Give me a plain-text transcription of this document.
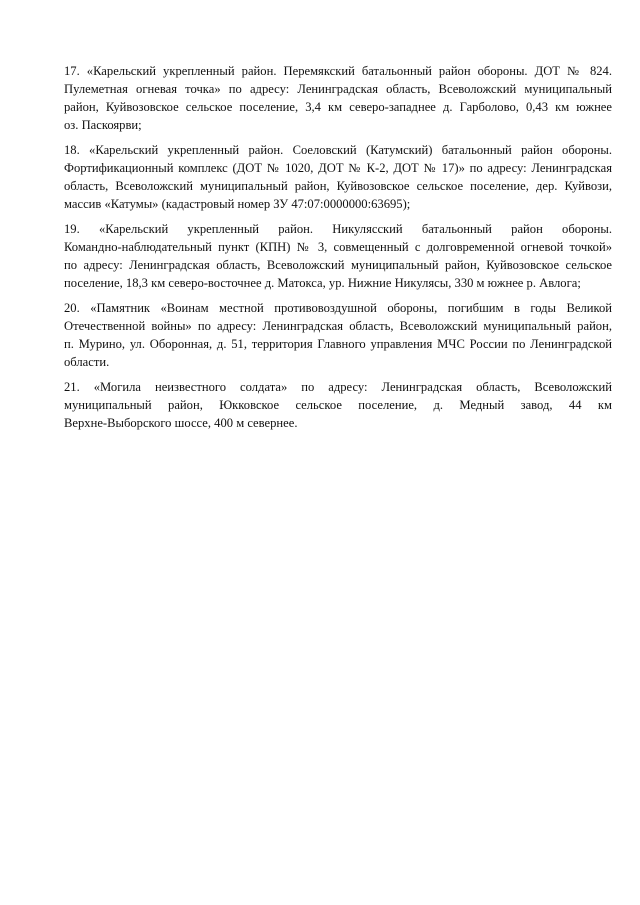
17. «Карельский укрепленный район. Перемякский батальонный район обороны. ДОТ № 824.
Пулеметная огневая точка» по адресу: Ленинградская область, Всеволожский муниципальный
район, Куйвозовское сельское поселение, 3,4 км северо-западнее д. Гарболово, 0,43 км южнее
оз. Паскоярви;
18. «Карельский укрепленный район. Соеловский (Катумский) батальонный район обороны.
Фортификационный комплекс (ДОТ № 1020, ДОТ № К-2, ДОТ № 17)» по адресу: Ленинградская
область, Всеволожский муниципальный район, Куйвозовское сельское поселение, дер. Куйвози,
массив «Катумы» (кадастровый номер ЗУ 47:07:0000000:63695);
19. «Карельский укрепленный район. Никулясский батальонный район обороны.
Командно-наблюдательный пункт (КПН) № 3, совмещенный с долговременной огневой точкой»
по адресу: Ленинградская область, Всеволожский муниципальный район, Куйвозовское сельское
поселение, 18,3 км северо-восточнее д. Матокса, ур. Нижние Никулясы, 330 м южнее р. Авлога;
20. «Памятник «Воинам местной противовоздушной обороны, погибшим в годы Великой
Отечественной войны» по адресу: Ленинградская область, Всеволожский муниципальный район,
п. Мурино, ул. Оборонная, д. 51, территория Главного управления МЧС России по Ленинградской
области.
21. «Могила неизвестного солдата» по адресу: Ленинградская область, Всеволожский
муниципальный район, Юкковское сельское поселение, д. Медный завод, 44 км
Верхне-Выборского шоссе, 400 м севернее.
